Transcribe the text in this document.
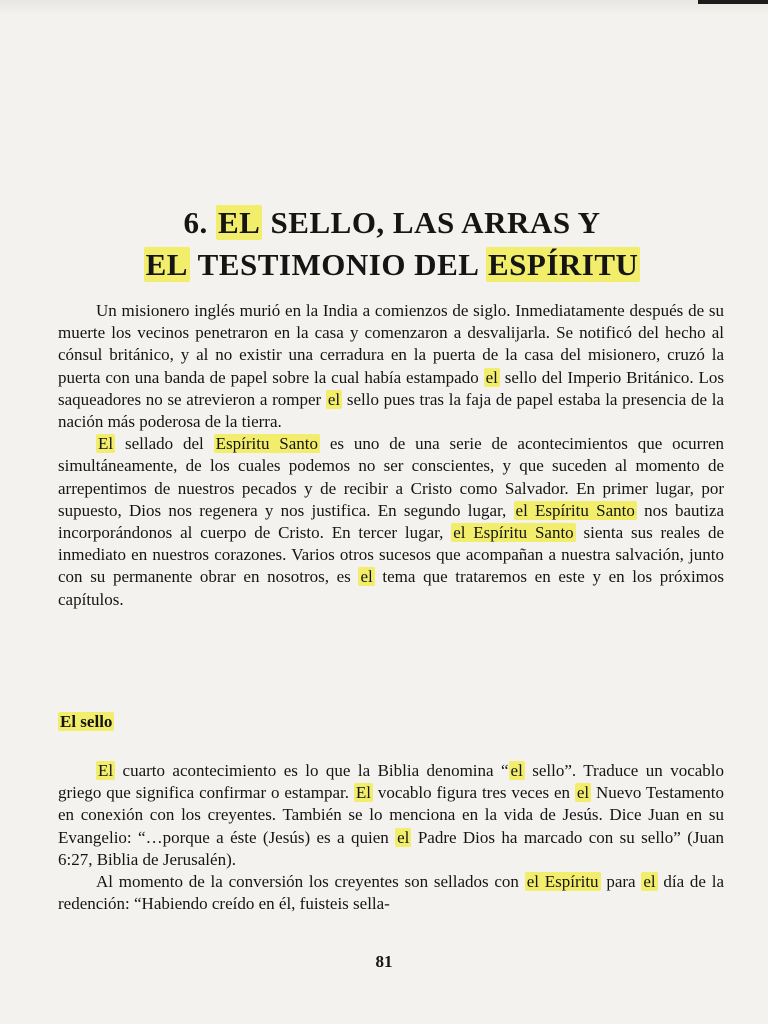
6. EL SELLO, LAS ARRAS Y
EL TESTIMONIO DEL ESPÍRITU

Un misionero inglés murió en la India a comienzos de siglo. Inmediatamente después de su muerte los vecinos penetraron en la casa y comenzaron a desvalijarla. Se notificó del hecho al cónsul británico, y al no existir una cerradura en la puerta de la casa del misionero, cruzó la puerta con una banda de papel sobre la cual había estampado el sello del Imperio Británico. Los saqueadores no se atrevieron a romper el sello pues tras la faja de papel estaba la presencia de la nación más poderosa de la tierra.

El sellado del Espíritu Santo es uno de una serie de acontecimientos que ocurren simultáneamente, de los cuales podemos no ser conscientes, y que suceden al momento de arrepentimos de nuestros pecados y de recibir a Cristo como Salvador. En primer lugar, por supuesto, Dios nos regenera y nos justifica. En segundo lugar, el Espíritu Santo nos bautiza incorporándonos al cuerpo de Cristo. En tercer lugar, el Espíritu Santo sienta sus reales de inmediato en nuestros corazones. Varios otros sucesos que acompañan a nuestra salvación, junto con su permanente obrar en nosotros, es el tema que trataremos en este y en los próximos capítulos.

El sello

El cuarto acontecimiento es lo que la Biblia denomina “ el sello”. Traduce un vocablo griego que significa confirmar o estampar. El vocablo figura tres veces en el Nuevo Testamento en conexión con los creyentes. También se lo menciona en la vida de Jesús. Dice Juan en su Evangelio: “…porque a éste (Jesús) es a quien el Padre Dios ha marcado con su sello” (Juan 6:27, Biblia de Jerusalén).

Al momento de la conversión los creyentes son sellados con el Espíritu para el día de la redención: “Habiendo creído en él, fuisteis sella-

81
